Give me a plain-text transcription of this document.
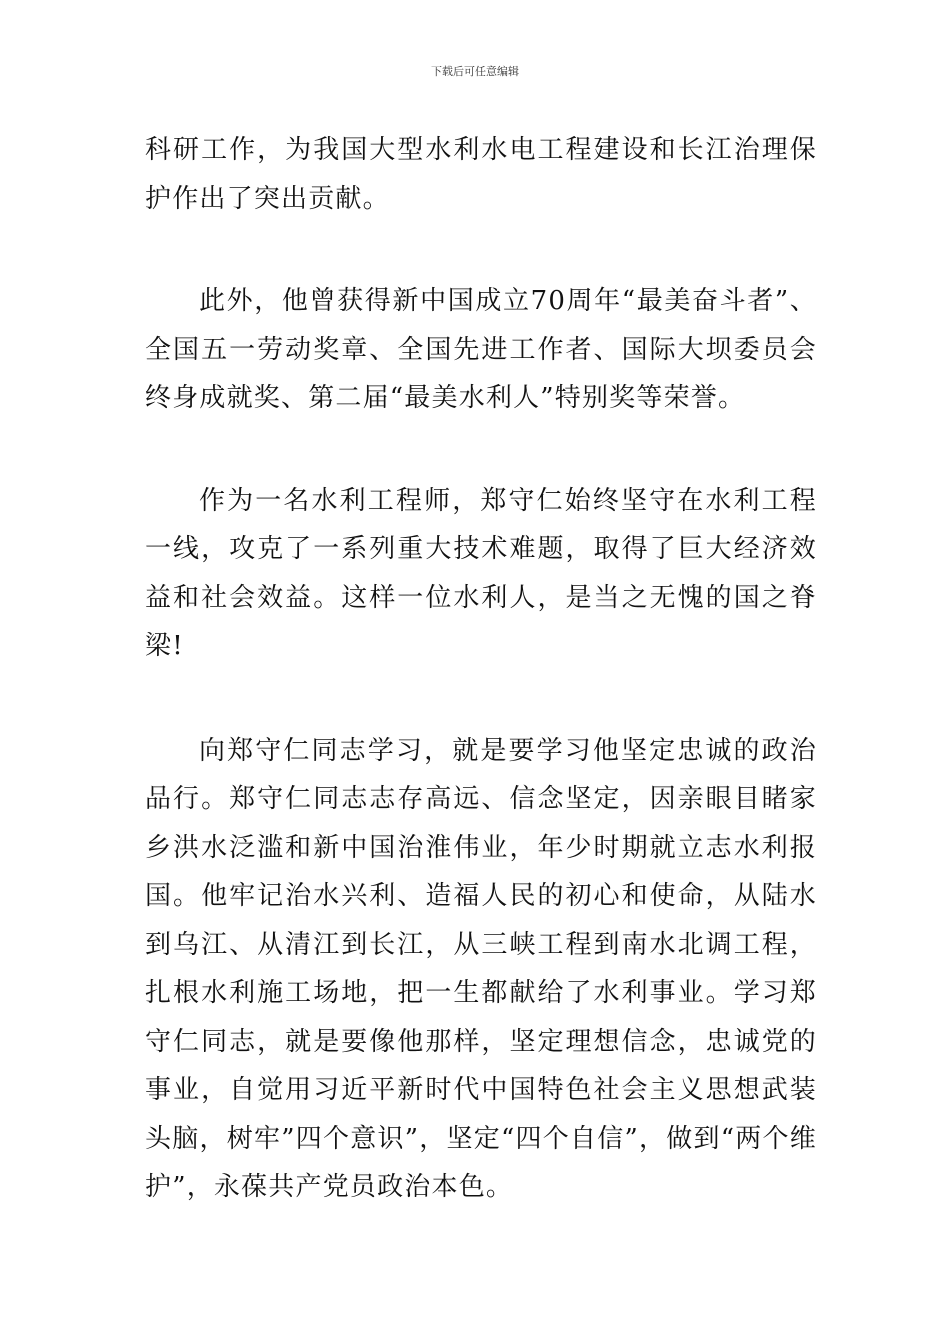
下载后可任意编辑

科研工作，为我国大型水利水电工程建设和长江治理保护作出了突出贡献。

此外，他曾获得新中国成立70周年“最美奋斗者”、全国五一劳动奖章、全国先进工作者、国际大坝委员会终身成就奖、第二届“最美水利人”特别奖等荣誉。

作为一名水利工程师，郑守仁始终坚守在水利工程一线，攻克了一系列重大技术难题，取得了巨大经济效益和社会效益。这样一位水利人，是当之无愧的国之脊梁!

向郑守仁同志学习，就是要学习他坚定忠诚的政治品行。郑守仁同志志存高远、信念坚定，因亲眼目睹家乡洪水泛滥和新中国治淮伟业，年少时期就立志水利报国。他牢记治水兴利、造福人民的初心和使命，从陆水到乌江、从清江到长江，从三峡工程到南水北调工程，扎根水利施工场地，把一生都献给了水利事业。学习郑守仁同志，就是要像他那样，坚定理想信念，忠诚党的事业，自觉用习近平新时代中国特色社会主义思想武装头脑，树牢”四个意识”，坚定“四个自信”，做到“两个维护”，永葆共产党员政治本色。
